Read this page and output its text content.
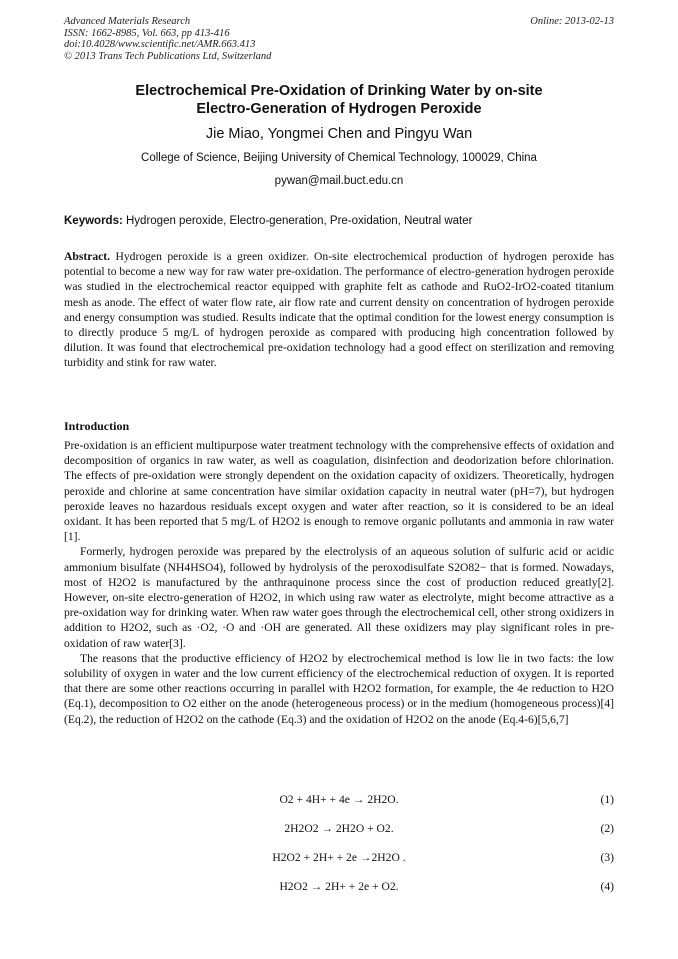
Advanced Materials Research
ISSN: 1662-8985, Vol. 663, pp 413-416
doi:10.4028/www.scientific.net/AMR.663.413
© 2013 Trans Tech Publications Ltd, Switzerland
Online: 2013-02-13
Electrochemical Pre-Oxidation of Drinking Water by on-site
Electro-Generation of Hydrogen Peroxide
Jie Miao, Yongmei Chen and Pingyu Wan
College of Science, Beijing University of Chemical Technology, 100029, China
pywan@mail.buct.edu.cn
Keywords: Hydrogen peroxide, Electro-generation, Pre-oxidation, Neutral water
Abstract. Hydrogen peroxide is a green oxidizer. On-site electrochemical production of hydrogen peroxide has potential to become a new way for raw water pre-oxidation. The performance of electro-generation hydrogen peroxide was studied in the electrochemical reactor equipped with graphite felt as cathode and RuO2-IrO2-coated titanium mesh as anode. The effect of water flow rate, air flow rate and current density on concentration of hydrogen peroxide and energy consumption was studied. Results indicate that the optimal condition for the lowest energy consumption is to directly produce 5 mg/L of hydrogen peroxide as compared with producing high concentration followed by dilution. It was found that electrochemical pre-oxidation technology had a good effect on sterilization and removing turbidity and stink for raw water.
Introduction

Pre-oxidation is an efficient multipurpose water treatment technology with the comprehensive effects of oxidation and decomposition of organics in raw water, as well as coagulation, disinfection and deodorization before chlorination. The effects of pre-oxidation were strongly dependent on the oxidation capacity of oxidizers. Theoretically, hydrogen peroxide and chlorine at same concentration have similar oxidation capacity in neutral water (pH=7), but hydrogen peroxide leaves no hazardous residuals except oxygen and water after reaction, so it is considered to be an ideal oxidant. It has been reported that 5 mg/L of H2O2 is enough to remove organic pollutants and ammonia in raw water [1].

Formerly, hydrogen peroxide was prepared by the electrolysis of an aqueous solution of sulfuric acid or acidic ammonium bisulfate (NH4HSO4), followed by hydrolysis of the peroxodisulfate S2O82− that is formed. Nowadays, most of H2O2 is manufactured by the anthraquinone process since the cost of production reduced greatly[2]. However, on-site electro-generation of H2O2, in which using raw water as electrolyte, might become attractive as a pre-oxidation way for drinking water. When raw water goes through the electrochemical cell, other strong oxidizers in addition to H2O2, such as ·O2, ·O and ·OH are generated. All these oxidizers may play significant roles in pre-oxidation of raw water[3].

The reasons that the productive efficiency of H2O2 by electrochemical method is low lie in two facts: the low solubility of oxygen in water and the low current efficiency of the electrochemical reduction of oxygen. It is reported that there are some other reactions occurring in parallel with H2O2 formation, for example, the 4e reduction to H2O (Eq.1), decomposition to O2 either on the anode (heterogeneous process) or in the medium (homogeneous process)[4](Eq.2), the reduction of H2O2 on the cathode (Eq.3) and the oxidation of H2O2 on the anode (Eq.4-6)[5,6,7]

O2 + 4H+ + 4e → 2H2O.	(1)
2H2O2 → 2H2O + O2.	(2)
H2O2 + 2H+ + 2e →2H2O .	(3)
H2O2 → 2H+ + 2e + O2.	(4)
